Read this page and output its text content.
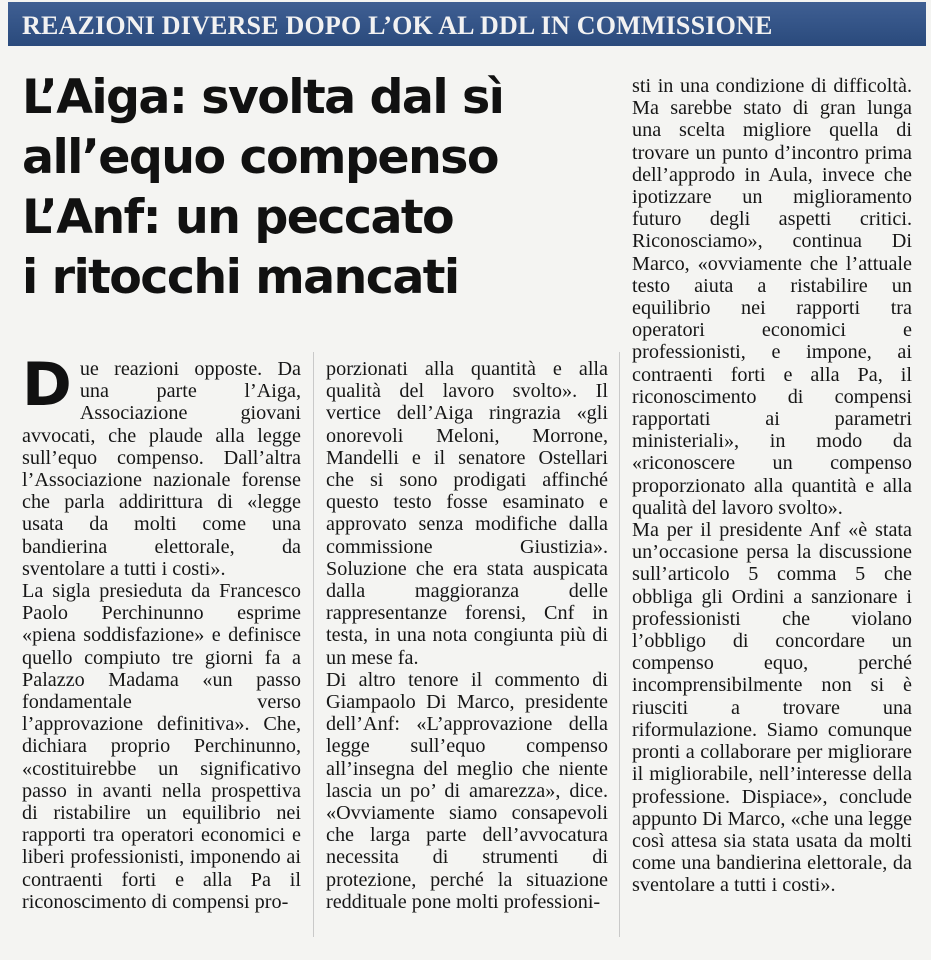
REAZIONI DIVERSE DOPO L’OK AL DDL IN COMMISSIONE
L’Aiga: svolta dal sì
all’equo compenso
L’Anf: un peccato
i ritocchi mancati
D ue reazioni opposte. Da una parte l’Aiga, Associazione giovani avvocati, che plaude alla legge sull’equo compenso. Dall’altra l’Associazione nazionale forense che parla addirittura di «legge usata da molti come una bandierina elettorale, da sventolare a tutti i costi».

La sigla presieduta da Francesco Paolo Perchinunno esprime «piena soddisfazione» e definisce quello compiuto tre giorni fa a Palazzo Madama «un passo fondamentale verso l’approvazione definitiva». Che, dichiara proprio Perchinunno, «costituirebbe un significativo passo in avanti nella prospettiva di ristabilire un equilibrio nei rapporti tra operatori economici e liberi professionisti, imponendo ai contraenti forti e alla Pa il riconoscimento di compensi pro-

porzionati alla quantità e alla qualità del lavoro svolto». Il vertice dell’Aiga ringrazia «gli onorevoli Meloni, Morrone, Mandelli e il senatore Ostellari che si sono prodigati affinché questo testo fosse esaminato e approvato senza modifiche dalla commissione Giustizia». Soluzione che era stata auspicata dalla maggioranza delle rappresentanze forensi, Cnf in testa, in una nota congiunta più di un mese fa.

Di altro tenore il commento di Giampaolo Di Marco, presidente dell’Anf: «L’approvazione della legge sull’equo compenso all’insegna del meglio che niente lascia un po’ di amarezza», dice. «Ovviamente siamo consapevoli che larga parte dell’avvocatura necessita di strumenti di protezione, perché la situazione reddituale pone molti professioni-

sti in una condizione di difficoltà. Ma sarebbe stato di gran lunga una scelta migliore quella di trovare un punto d’incontro prima dell’approdo in Aula, invece che ipotizzare un miglioramento futuro degli aspetti critici. Riconosciamo», continua Di Marco, «ovviamente che l’attuale testo aiuta a ristabilire un equilibrio nei rapporti tra operatori economici e professionisti, e impone, ai contraenti forti e alla Pa, il riconoscimento di compensi rapportati ai parametri ministeriali», in modo da «riconoscere un compenso proporzionato alla quantità e alla qualità del lavoro svolto».

Ma per il presidente Anf «è stata un’occasione persa la discussione sull’articolo 5 comma 5 che obbliga gli Ordini a sanzionare i professionisti che violano l’obbligo di concordare un compenso equo, perché incomprensibilmente non si è riusciti a trovare una riformulazione. Siamo comunque pronti a collaborare per migliorare il migliorabile, nell’interesse della professione. Dispiace», conclude appunto Di Marco, «che una legge così attesa sia stata usata da molti come una bandierina elettorale, da sventolare a tutti i costi».
